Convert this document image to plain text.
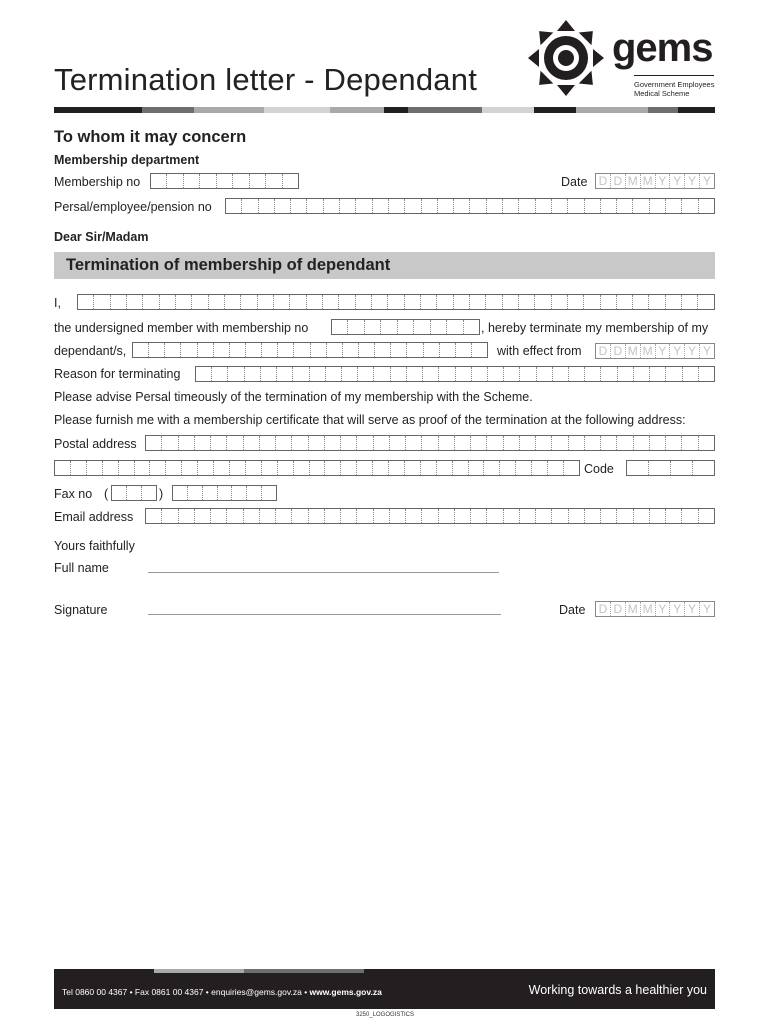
Termination letter - Dependant
gems
Government Employees
Medical Scheme
To whom it may concern
Membership department
Membership no	Date D D M M Y Y Y Y
Persal/employee/pension no
Dear Sir/Madam
Termination of membership of dependant
I,
the undersigned member with membership no	, hereby terminate my membership of my
dependant/s,	with effect from D D M M Y Y Y Y
Reason for terminating
Please advise Persal timeously of the termination of my membership with the Scheme.
Please furnish me with a membership certificate that will serve as proof of the termination at the following address:
Postal address
Code
Fax no (	)
Email address
Yours faithfully
Full name
Signature	Date D D M M Y Y Y Y
Tel 0860 00 4367 • Fax 0861 00 4367 • enquiries@gems.gov.za • www.gems.gov.za	Working towards a healthier you
3250_LOGOGISTICS
